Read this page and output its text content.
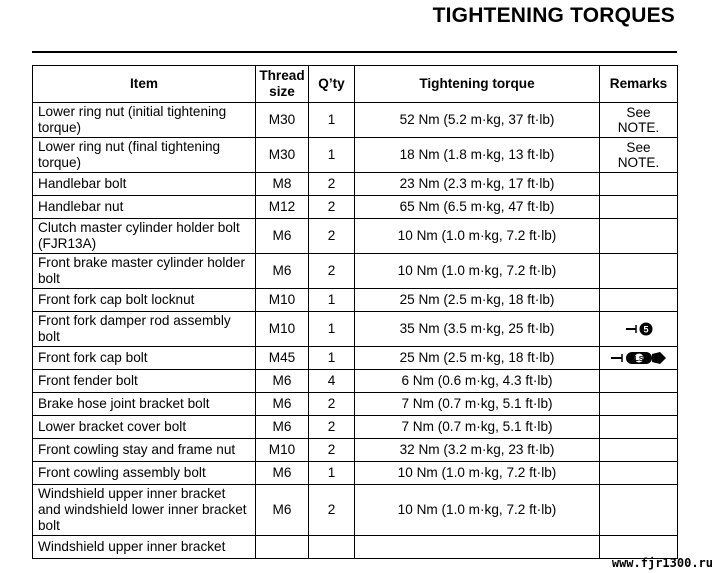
TIGHTENING TORQUES
Item	Thread size	Q’ty	Tightening torque	Remarks
Lower ring nut (initial tightening torque)	M30	1	52 Nm (5.2 m·kg, 37 ft·lb)	See NOTE.
Lower ring nut (final tightening torque)	M30	1	18 Nm (1.8 m·kg, 13 ft·lb)	See NOTE.
Handlebar bolt	M8	2	23 Nm (2.3 m·kg, 17 ft·lb)	
Handlebar nut	M12	2	65 Nm (6.5 m·kg, 47 ft·lb)	
Clutch master cylinder holder bolt (FJR13A)	M6	2	10 Nm (1.0 m·kg, 7.2 ft·lb)	
Front brake master cylinder holder bolt	M6	2	10 Nm (1.0 m·kg, 7.2 ft·lb)	
Front fork cap bolt locknut	M10	1	25 Nm (2.5 m·kg, 18 ft·lb)	
Front fork damper rod assembly bolt	M10	1	35 Nm (3.5 m·kg, 25 ft·lb)	5

Front fork cap bolt	M45	1	25 Nm (2.5 m·kg, 18 ft·lb)	LS

Front fender bolt	M6	4	6 Nm (0.6 m·kg, 4.3 ft·lb)	
Brake hose joint bracket bolt	M6	2	7 Nm (0.7 m·kg, 5.1 ft·lb)	
Lower bracket cover bolt	M6	2	7 Nm (0.7 m·kg, 5.1 ft·lb)	
Front cowling stay and frame nut	M10	2	32 Nm (3.2 m·kg, 23 ft·lb)	
Front cowling assembly bolt	M6	1	10 Nm (1.0 m·kg, 7.2 ft·lb)	
Windshield upper inner bracket and windshield lower inner bracket bolt	M6	2	10 Nm (1.0 m·kg, 7.2 ft·lb)	
Windshield upper inner bracket				
www.fjr1300.ru
